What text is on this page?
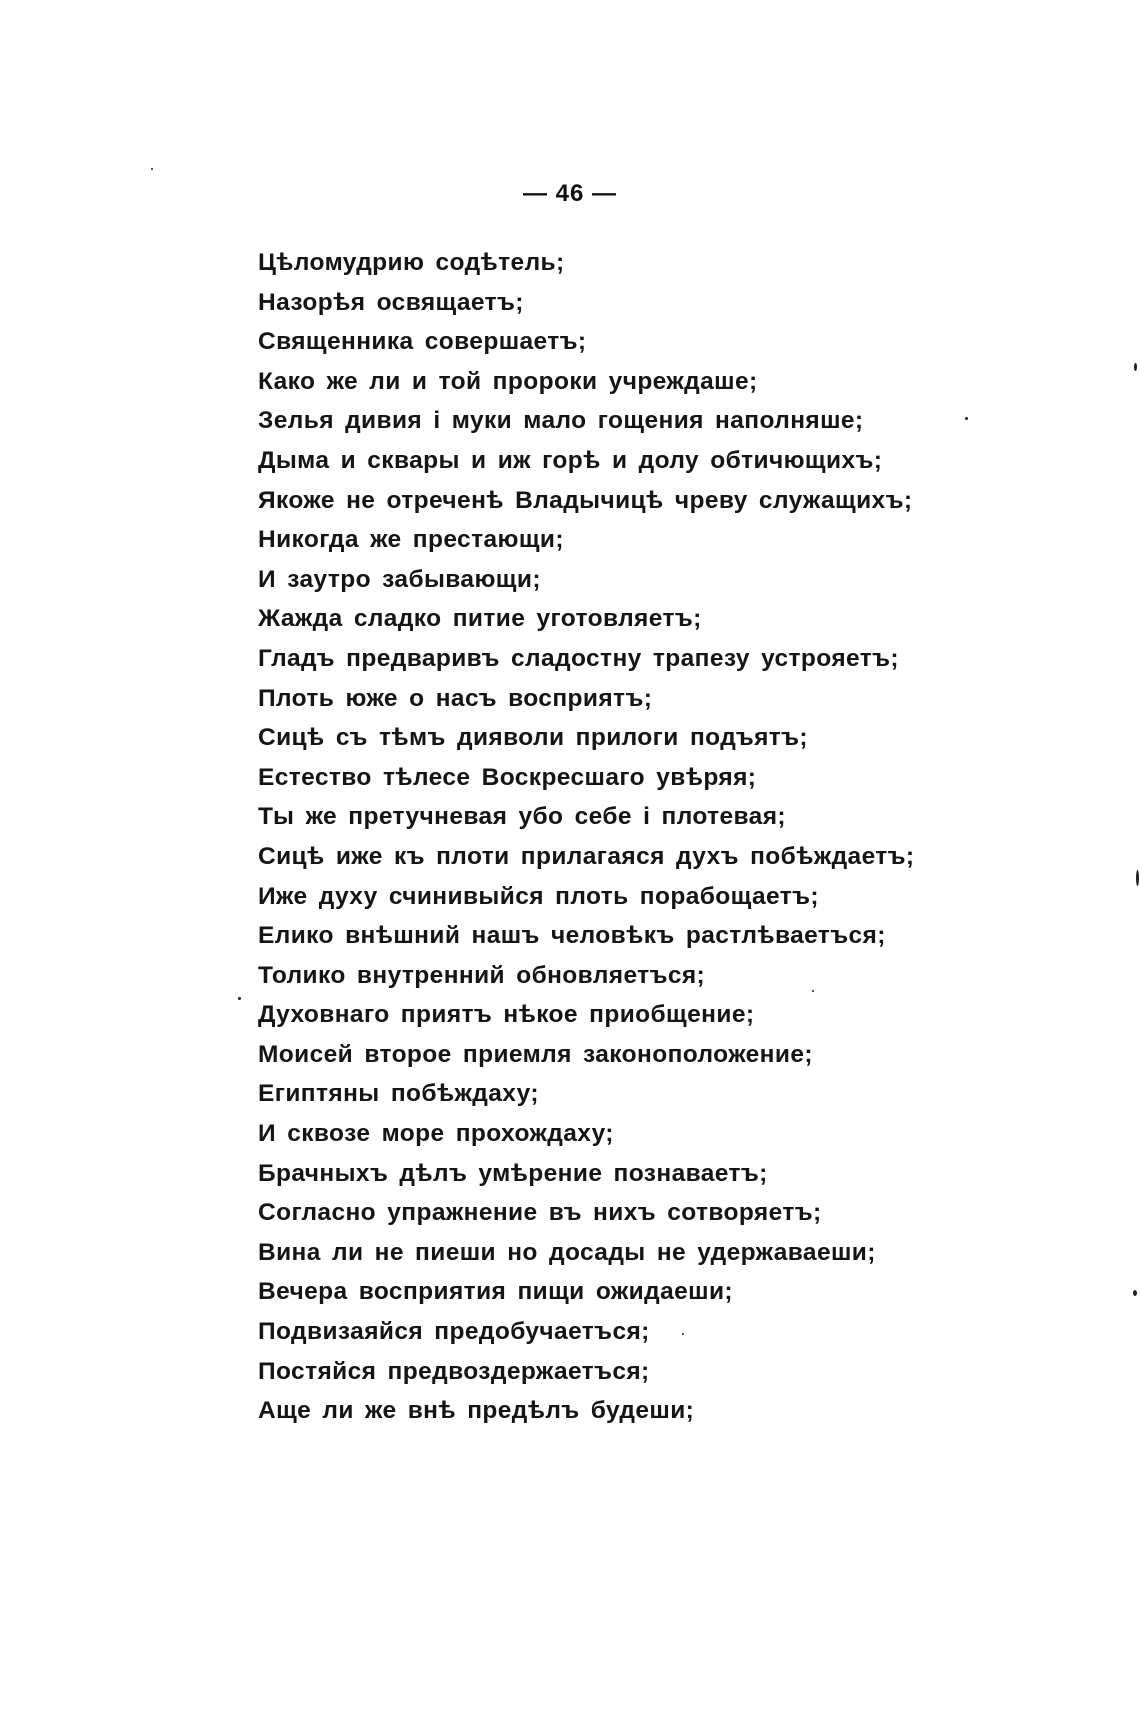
— 46 —
Цѣломудрию содѣтель;
Назорѣя освящаетъ;
Священника совершаетъ;
Како же ли и той пророки учреждаше;
Зелья дивия і муки мало гощения наполняше;
Дыма и сквары и иж горѣ и долу обтичющихъ;
Якоже не отреченѣ Владычицѣ чреву служащихъ;
Никогда же престающи;
И заутро забывающи;
Жажда сладко питие уготовляетъ;
Гладъ предваривъ сладостну трапезу устрояетъ;
Плоть юже о насъ восприятъ;
Сицѣ съ тѣмъ дияволи прилоги подъятъ;
Естество тѣлесе Воскресшаго увѣряя;
Ты же претучневая убо себе і плотевая;
Сицѣ иже къ плоти прилагаяся духъ побѣждаетъ;
Иже духу счинивыйся плоть порабощаетъ;
Елико внѣшний нашъ человѣкъ растлѣваетъся;
Толико внутренний обновляетъся;
Духовнаго приятъ нѣкое приобщение;
Моисей второе приемля законоположение;
Египтяны побѣждаху;
И сквозе море прохождаху;
Брачныхъ дѣлъ умѣрение познаваетъ;
Согласно упражнение въ нихъ сотворяетъ;
Вина ли не пиеши но досады не удержаваеши;
Вечера восприятия пищи ожидаеши;
Подвизаяйся предобучаетъся;
Постяйся предвоздержаетъся;
Аще ли же внѣ предѣлъ будеши;
